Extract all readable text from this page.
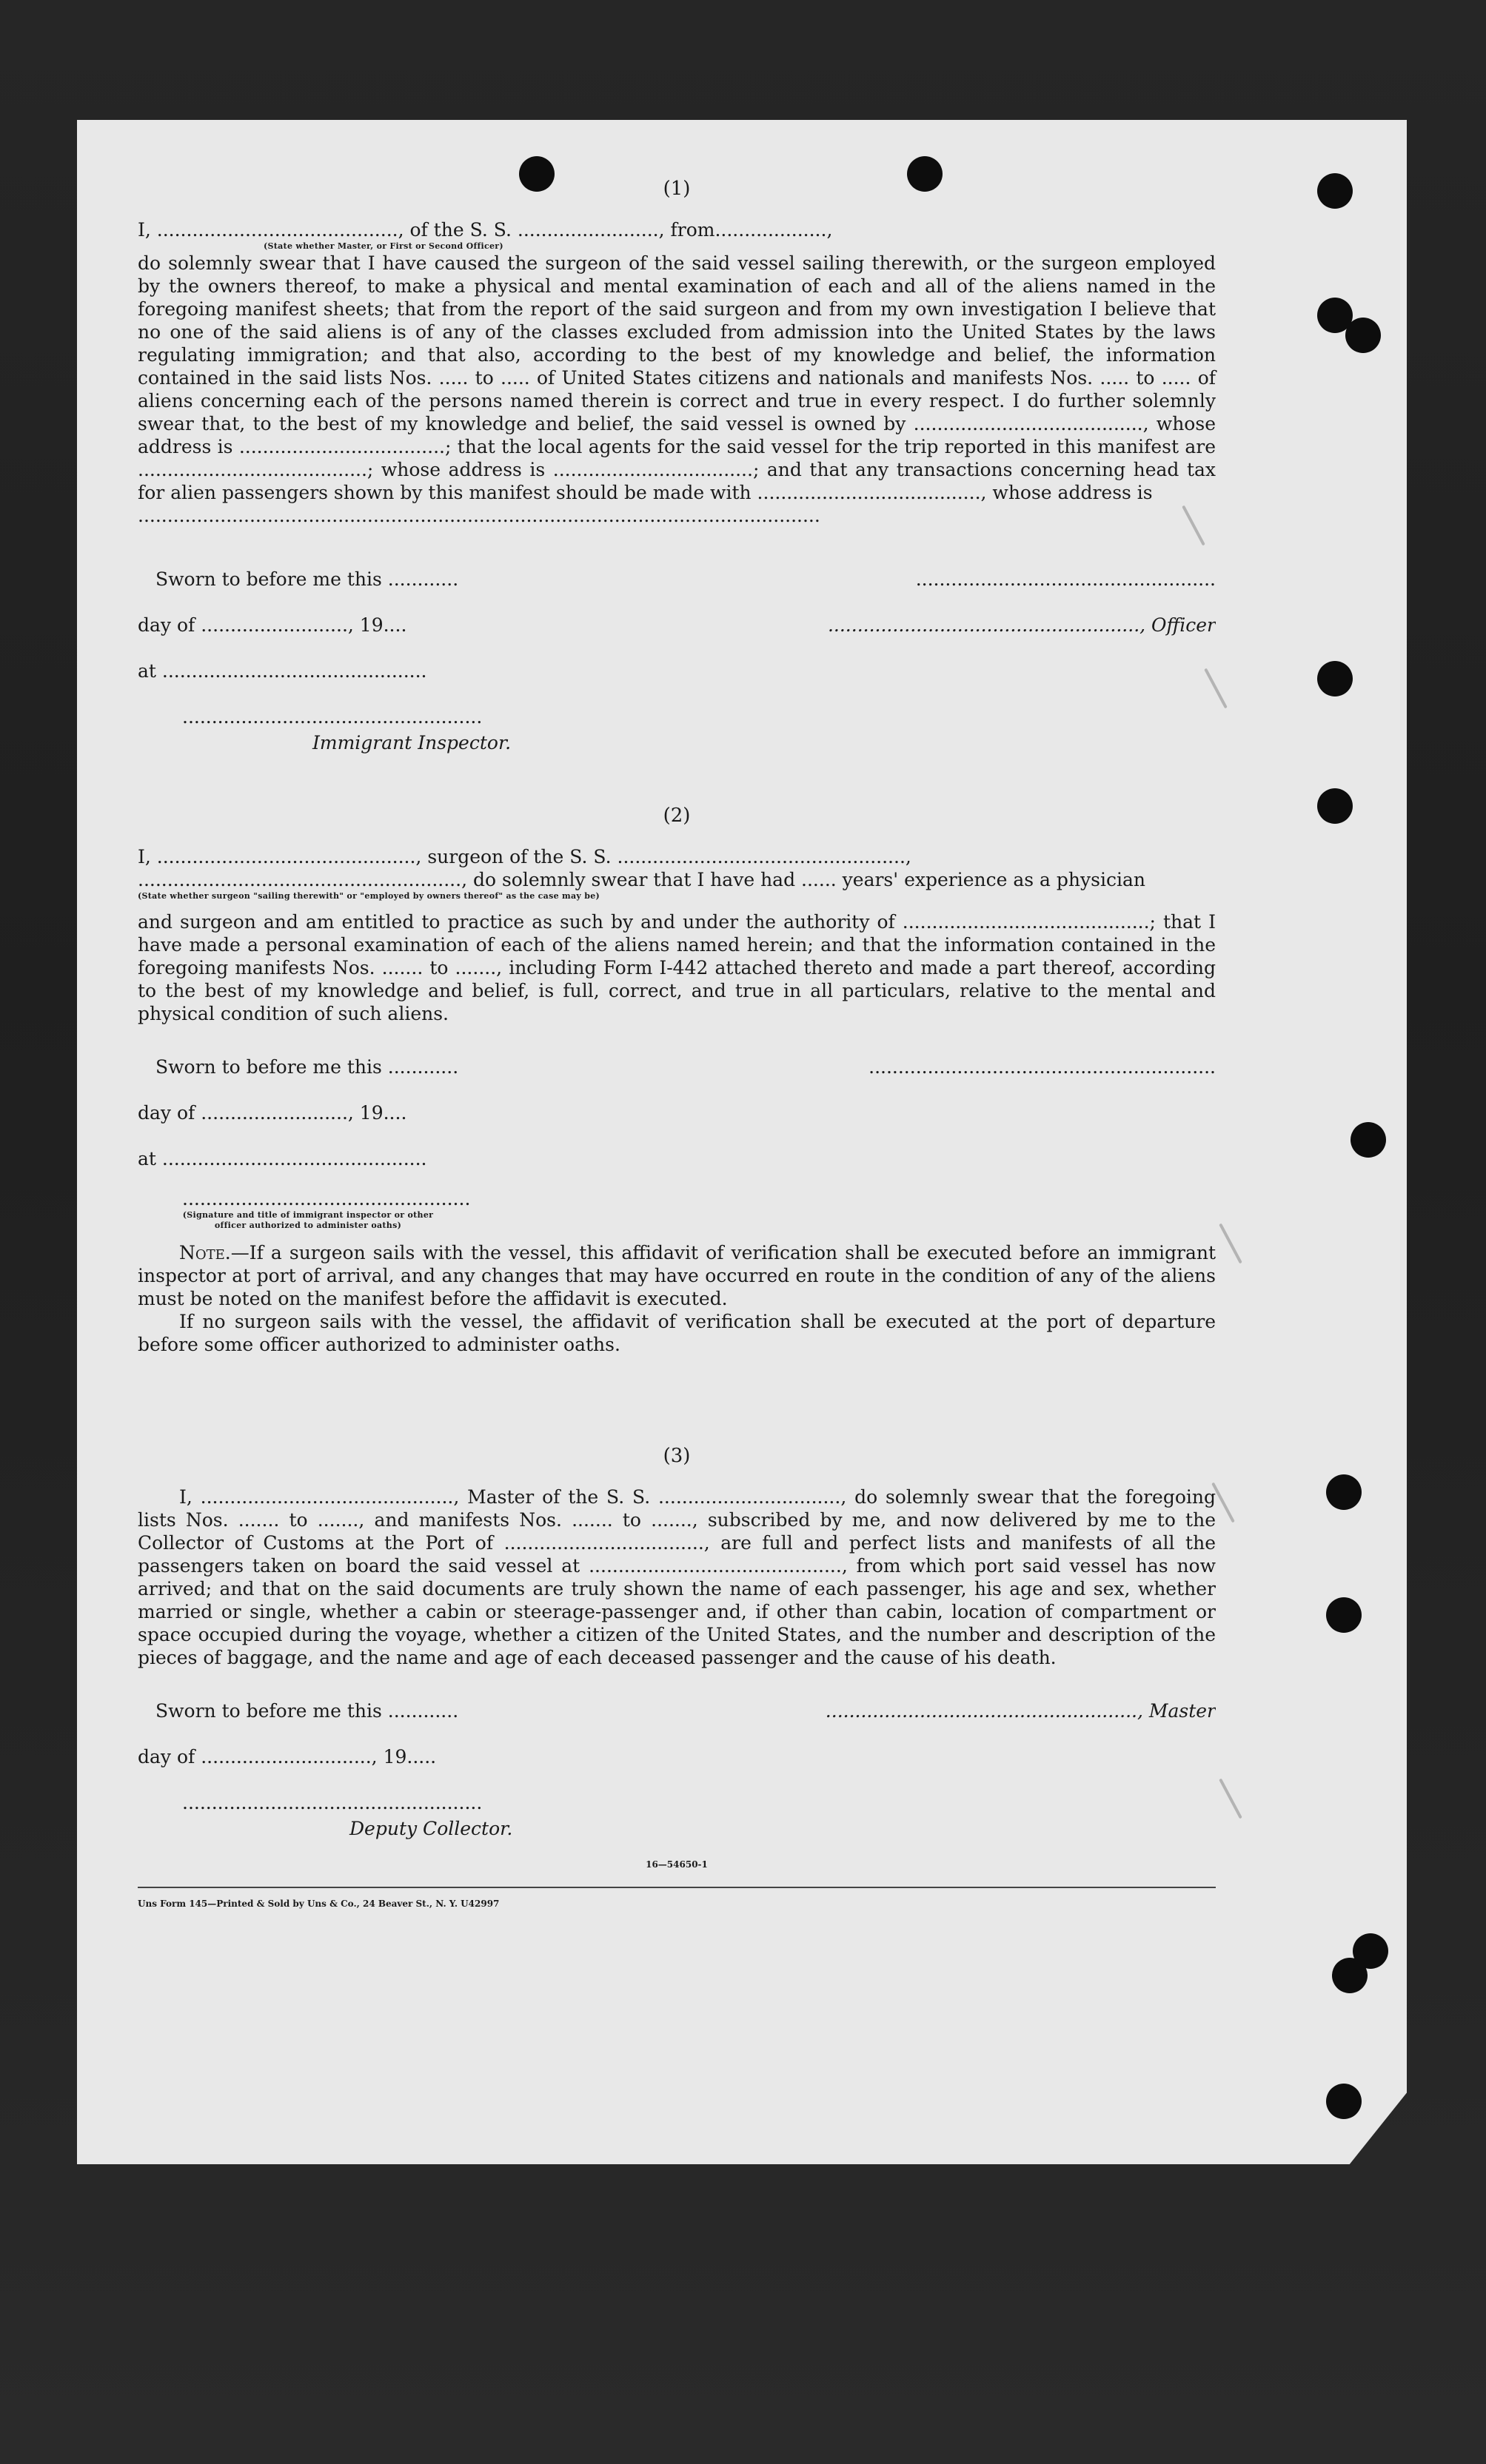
(1)
I, ........................................., of the S. S. ........................, from...................,
(State whether Master, or First or Second Officer)

do solemnly swear that I have caused the surgeon of the said vessel sailing therewith, or the surgeon employed by the owners thereof, to make a physical and mental examination of each and all of the aliens named in the foregoing manifest sheets; that from the report of the said surgeon and from my own investigation I believe that no one of the said aliens is of any of the classes excluded from admission into the United States by the laws regulating immigration; and that also, according to the best of my knowledge and belief, the information contained in the said lists Nos. ..... to ..... of United States citizens and nationals and manifests Nos. ..... to ..... of aliens concerning each of the persons named therein is correct and true in every respect. I do further solemnly swear that, to the best of my knowledge and belief, the said vessel is owned by ......................................., whose address is ...................................; that the local agents for the said vessel for the trip reported in this manifest are .......................................; whose address is ..................................; and that any transactions concerning head tax for alien passengers shown by this manifest should be made with ......................................, whose address is

....................................................................................................................
Sworn to before me this ............	...................................................
day of ........................., 19....	....................................................., Officer
at .............................................
...................................................
Immigrant Inspector.
(2)
I, ............................................, surgeon of the S. S. .................................................,
......................................................., do solemnly swear that I have had ...... years' experience as a physician
(State whether surgeon "sailing therewith" or "employed by owners thereof" as the case may be)

and surgeon and am entitled to practice as such by and under the authority of ..........................................; that I have made a personal examination of each of the aliens named herein; and that the information contained in the foregoing manifests Nos. ....... to ......., including Form I-442 attached thereto and made a part thereof, according to the best of my knowledge and belief, is full, correct, and true in all particulars, relative to the mental and physical condition of such aliens.

Sworn to before me this ............	...........................................................
day of ........................., 19....
at .............................................
.................................................
(Signature and title of immigrant inspector or other officer authorized to administer oaths)

Note.—If a surgeon sails with the vessel, this affidavit of verification shall be executed before an immigrant inspector at port of arrival, and any changes that may have occurred en route in the condition of any of the aliens must be noted on the manifest before the affidavit is executed.

If no surgeon sails with the vessel, the affidavit of verification shall be executed at the port of departure before some officer authorized to administer oaths.

(3)

I, ..........................................., Master of the S. S. ..............................., do solemnly swear that the foregoing lists Nos. ....... to ......., and manifests Nos. ....... to ......., subscribed by me, and now delivered by me to the Collector of Customs at the Port of .................................., are full and perfect lists and manifests of all the passengers taken on board the said vessel at ..........................................., from which port said vessel has now arrived; and that on the said documents are truly shown the name of each passenger, his age and sex, whether married or single, whether a cabin or steerage-passenger and, if other than cabin, location of compartment or space occupied during the voyage, whether a citizen of the United States, and the number and description of the pieces of baggage, and the name and age of each deceased passenger and the cause of his death.

Sworn to before me this ............	....................................................., Master
day of ............................., 19.....
...................................................
Deputy Collector.
16—54650-1
Uns Form 145—Printed & Sold by Uns & Co., 24 Beaver St., N. Y. U42997
